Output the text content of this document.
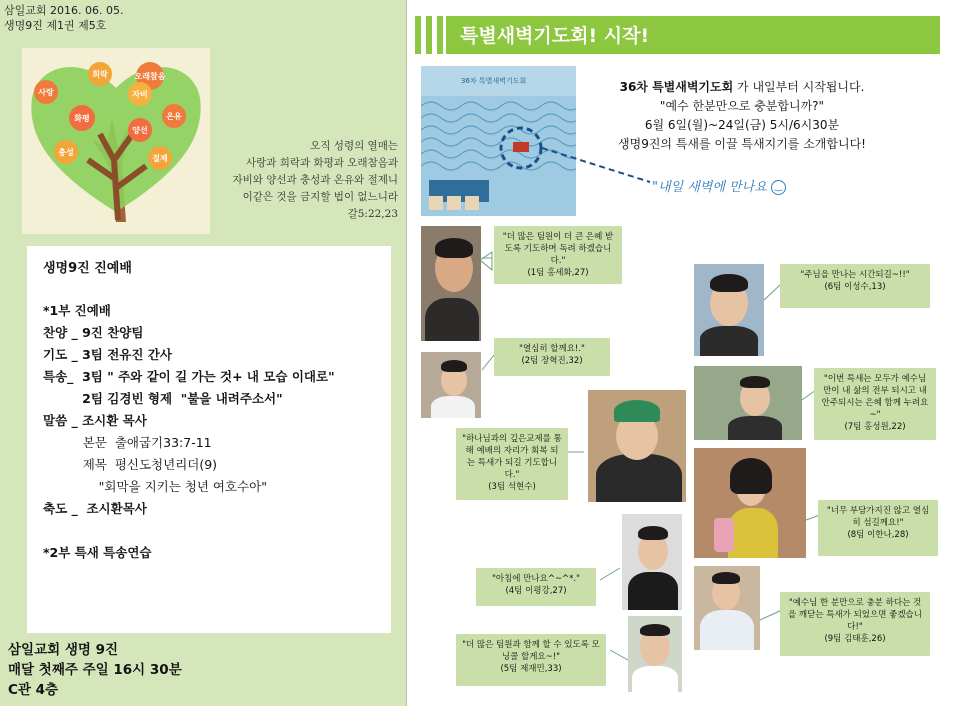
삼일교회 2016. 06. 05.
생명9진 제1권 제5호
사랑
희락	오래참음
화평
자비
온유
충성
양선
절제
오직 성령의 열매는
사랑과 희락과 화평과 오래참음과
자비와 양선과 충성과 온유와 절제니
이같은 것을 금지할 법이 없느니라
갈5:22,23
생명9진 진예배
*1부 진예배
찬양 _ 9진 찬양팀
기도 _ 3팀 전유진 간사
특송_  3팀 " 주와 같이 길 가는 것+ 내 모습 이대로"
2팀 김경빈 형제  "불을 내려주소서"
말씀 _ 조시환 목사
본문  출애굽기33:7-11
제목  평신도청년리더(9)
"회막을 지키는 청년 여호수아"
축도 _  조시환목사
*2부 특새 특송연습
삼일교회 생명 9진
매달 첫째주 주일 16시 30분
C관 4층
특별새벽기도회! 시작!
36차 특별새벽기도회	36차 특별새벽기도회 가 내일부터 시작됩니다.
"예수 한분만으로 충분합니까?"
6월 6일(월)~24일(금) 5시/6시30분
생명9진의 특새를 이끌 특새지기를 소개합니다!
"내일 새벽에 만나요 ‿
"더 많은 팀원이 더 큰 은혜 받도록 기도하며 독려 하겠습니다."
(1팀 홍세화,27)
"열심히 할께요!."
(2팀 장혁진,32)
"하나님과의 깊은교제를 통해 예배의 자리가 회복 되는 특새가 되길 기도합니다."
(3팀 석현수)
"아침에 만나요^~^*."
(4팀 이평강,27)
"더 많은 팀원과 함께 할 수 있도록 모닝콜 할게요~!"
(5팀 제재민,33)
"주님을 만나는 시간되길~!!"
(6팀 이성수,13)
"이번 특새는 모두가 예수님만이 내 삶의 전부 되시고 내안주되시는 은혜 함께 누려요~"
(7팀 홍성원,22)
"너무 부담가지진 않고 열심히 섬길께요!"
(8팀 이한나,28)
"예수님 한 분만으로 충분 하다는 것을 깨닫는 특새가 되었으면 좋겠습니다!"
(9팀 김태훈,26)
